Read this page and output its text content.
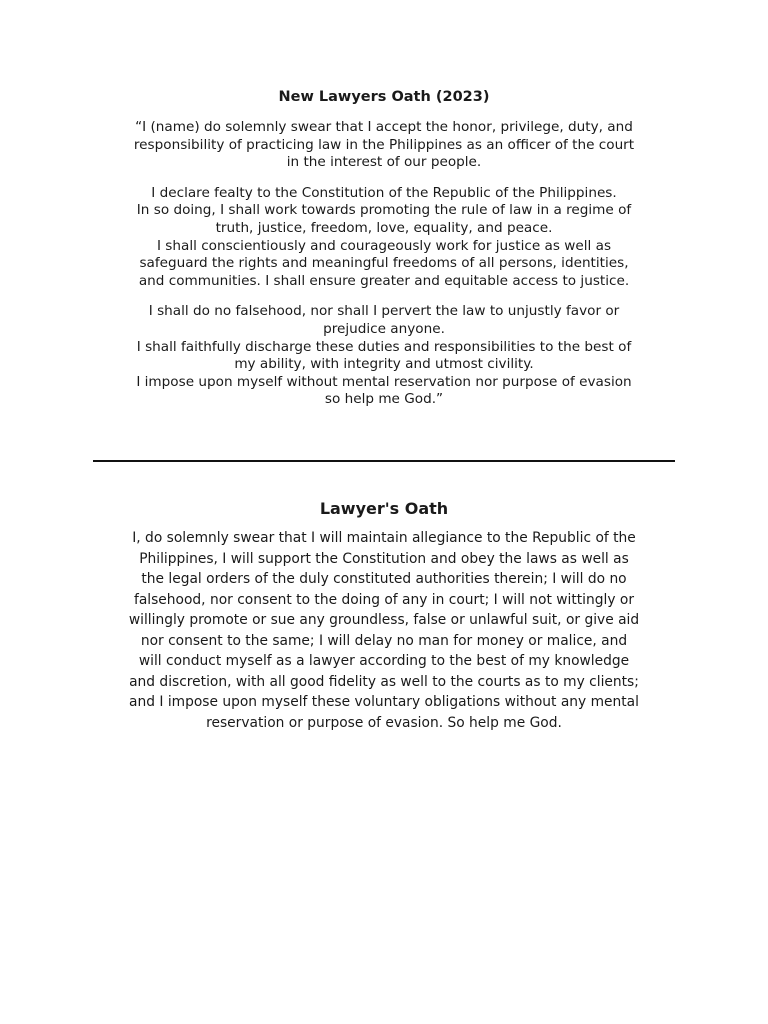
New Lawyers Oath (2023)
“I (name) do solemnly swear that I accept the honor, privilege, duty, and
responsibility of practicing law in the Philippines as an officer of the court
in the interest of our people.
I declare fealty to the Constitution of the Republic of the Philippines.
In so doing, I shall work towards promoting the rule of law in a regime of
truth, justice, freedom, love, equality, and peace.
I shall conscientiously and courageously work for justice as well as
safeguard the rights and meaningful freedoms of all persons, identities,
and communities. I shall ensure greater and equitable access to justice.
I shall do no falsehood, nor shall I pervert the law to unjustly favor or
prejudice anyone.
I shall faithfully discharge these duties and responsibilities to the best of
my ability, with integrity and utmost civility.
I impose upon myself without mental reservation nor purpose of evasion
so help me God.”
Lawyer's Oath
I, do solemnly swear that I will maintain allegiance to the Republic of the
Philippines, I will support the Constitution and obey the laws as well as
the legal orders of the duly constituted authorities therein; I will do no
falsehood, nor consent to the doing of any in court; I will not wittingly or
willingly promote or sue any groundless, false or unlawful suit, or give aid
nor consent to the same; I will delay no man for money or malice, and
will conduct myself as a lawyer according to the best of my knowledge
and discretion, with all good fidelity as well to the courts as to my clients;
and I impose upon myself these voluntary obligations without any mental
reservation or purpose of evasion. So help me God.
